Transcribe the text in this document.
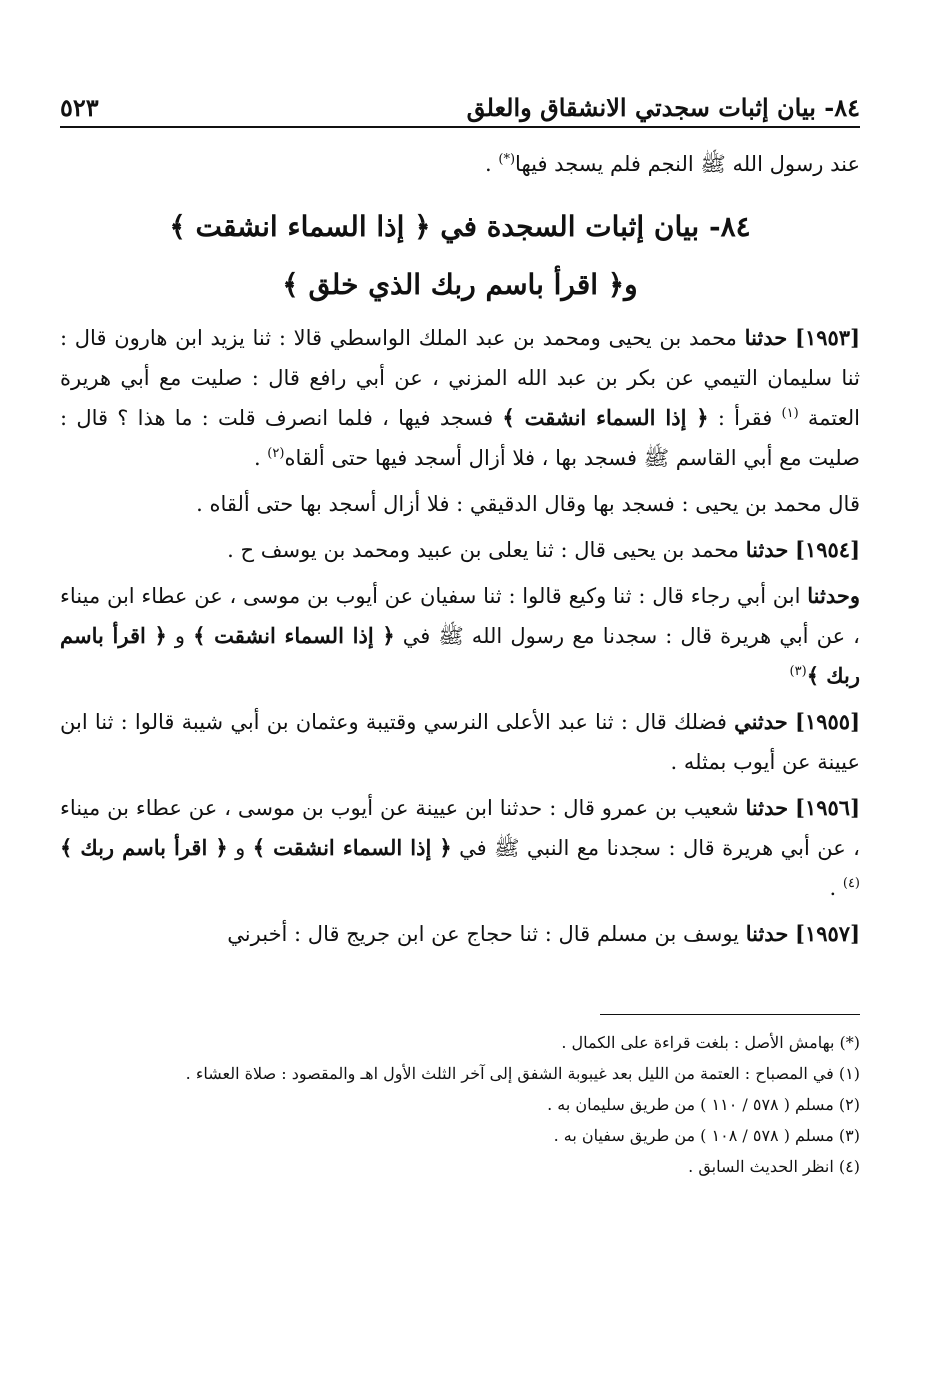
٨٤- بيان إثبات سجدتي الانشقاق والعلق
٥٢٣

عند رسول الله ﷺ النجم فلم يسجد فيها(*) .

٨٤- بيان إثبات السجدة في ﴿ إذا السماء انشقت ﴾

و﴿ اقرأ باسم ربك الذي خلق ﴾

[١٩٥٣] حدثنا محمد بن يحيى ومحمد بن عبد الملك الواسطي قالا : ثنا يزيد ابن هارون قال : ثنا سليمان التيمي عن بكر بن عبد الله المزني ، عن أبي رافع قال : صليت مع أبي هريرة العتمة $^{(١)}$ فقرأ : ﴿ إذا السماء انشقت ﴾ فسجد فيها ، فلما انصرف قلت : ما هذا ؟ قال : صليت مع أبي القاسم ﷺ فسجد بها ، فلا أزال أسجد فيها حتى ألقاه$^{(٢)}$ .

قال محمد بن يحيى : فسجد بها وقال الدقيقي : فلا أزال أسجد بها حتى ألقاه .

[١٩٥٤] حدثنا محمد بن يحيى قال : ثنا يعلى بن عبيد ومحمد بن يوسف ح .

وحدثنا ابن أبي رجاء قال : ثنا وكيع قالوا : ثنا سفيان عن أيوب بن موسى ، عن عطاء ابن ميناء ، عن أبي هريرة قال : سجدنا مع رسول الله ﷺ في ﴿ إذا السماء انشقت ﴾ و ﴿ اقرأ باسم ربك ﴾$^{(٣)}$

[١٩٥٥] حدثني فضلك قال : ثنا عبد الأعلى النرسي وقتيبة وعثمان بن أبي شيبة قالوا : ثنا ابن عيينة عن أيوب بمثله .

[١٩٥٦] حدثنا شعيب بن عمرو قال : حدثنا ابن عيينة عن أيوب بن موسى ، عن عطاء بن ميناء ، عن أبي هريرة قال : سجدنا مع النبي ﷺ في ﴿ إذا السماء انشقت ﴾ و ﴿ اقرأ باسم ربك ﴾$^{(٤)}$ .

[١٩٥٧] حدثنا يوسف بن مسلم قال : ثنا حجاج عن ابن جريج قال : أخبرني

(*) بهامش الأصل : بلغت قراءة على الكمال .

(١) في المصباح : العتمة من الليل بعد غيبوبة الشفق إلى آخر الثلث الأول اهـ والمقصود : صلاة العشاء .

(٢) مسلم ( ٥٧٨ / ١١٠ ) من طريق سليمان به .

(٣) مسلم ( ٥٧٨ / ١٠٨ ) من طريق سفيان به .

(٤) انظر الحديث السابق .
